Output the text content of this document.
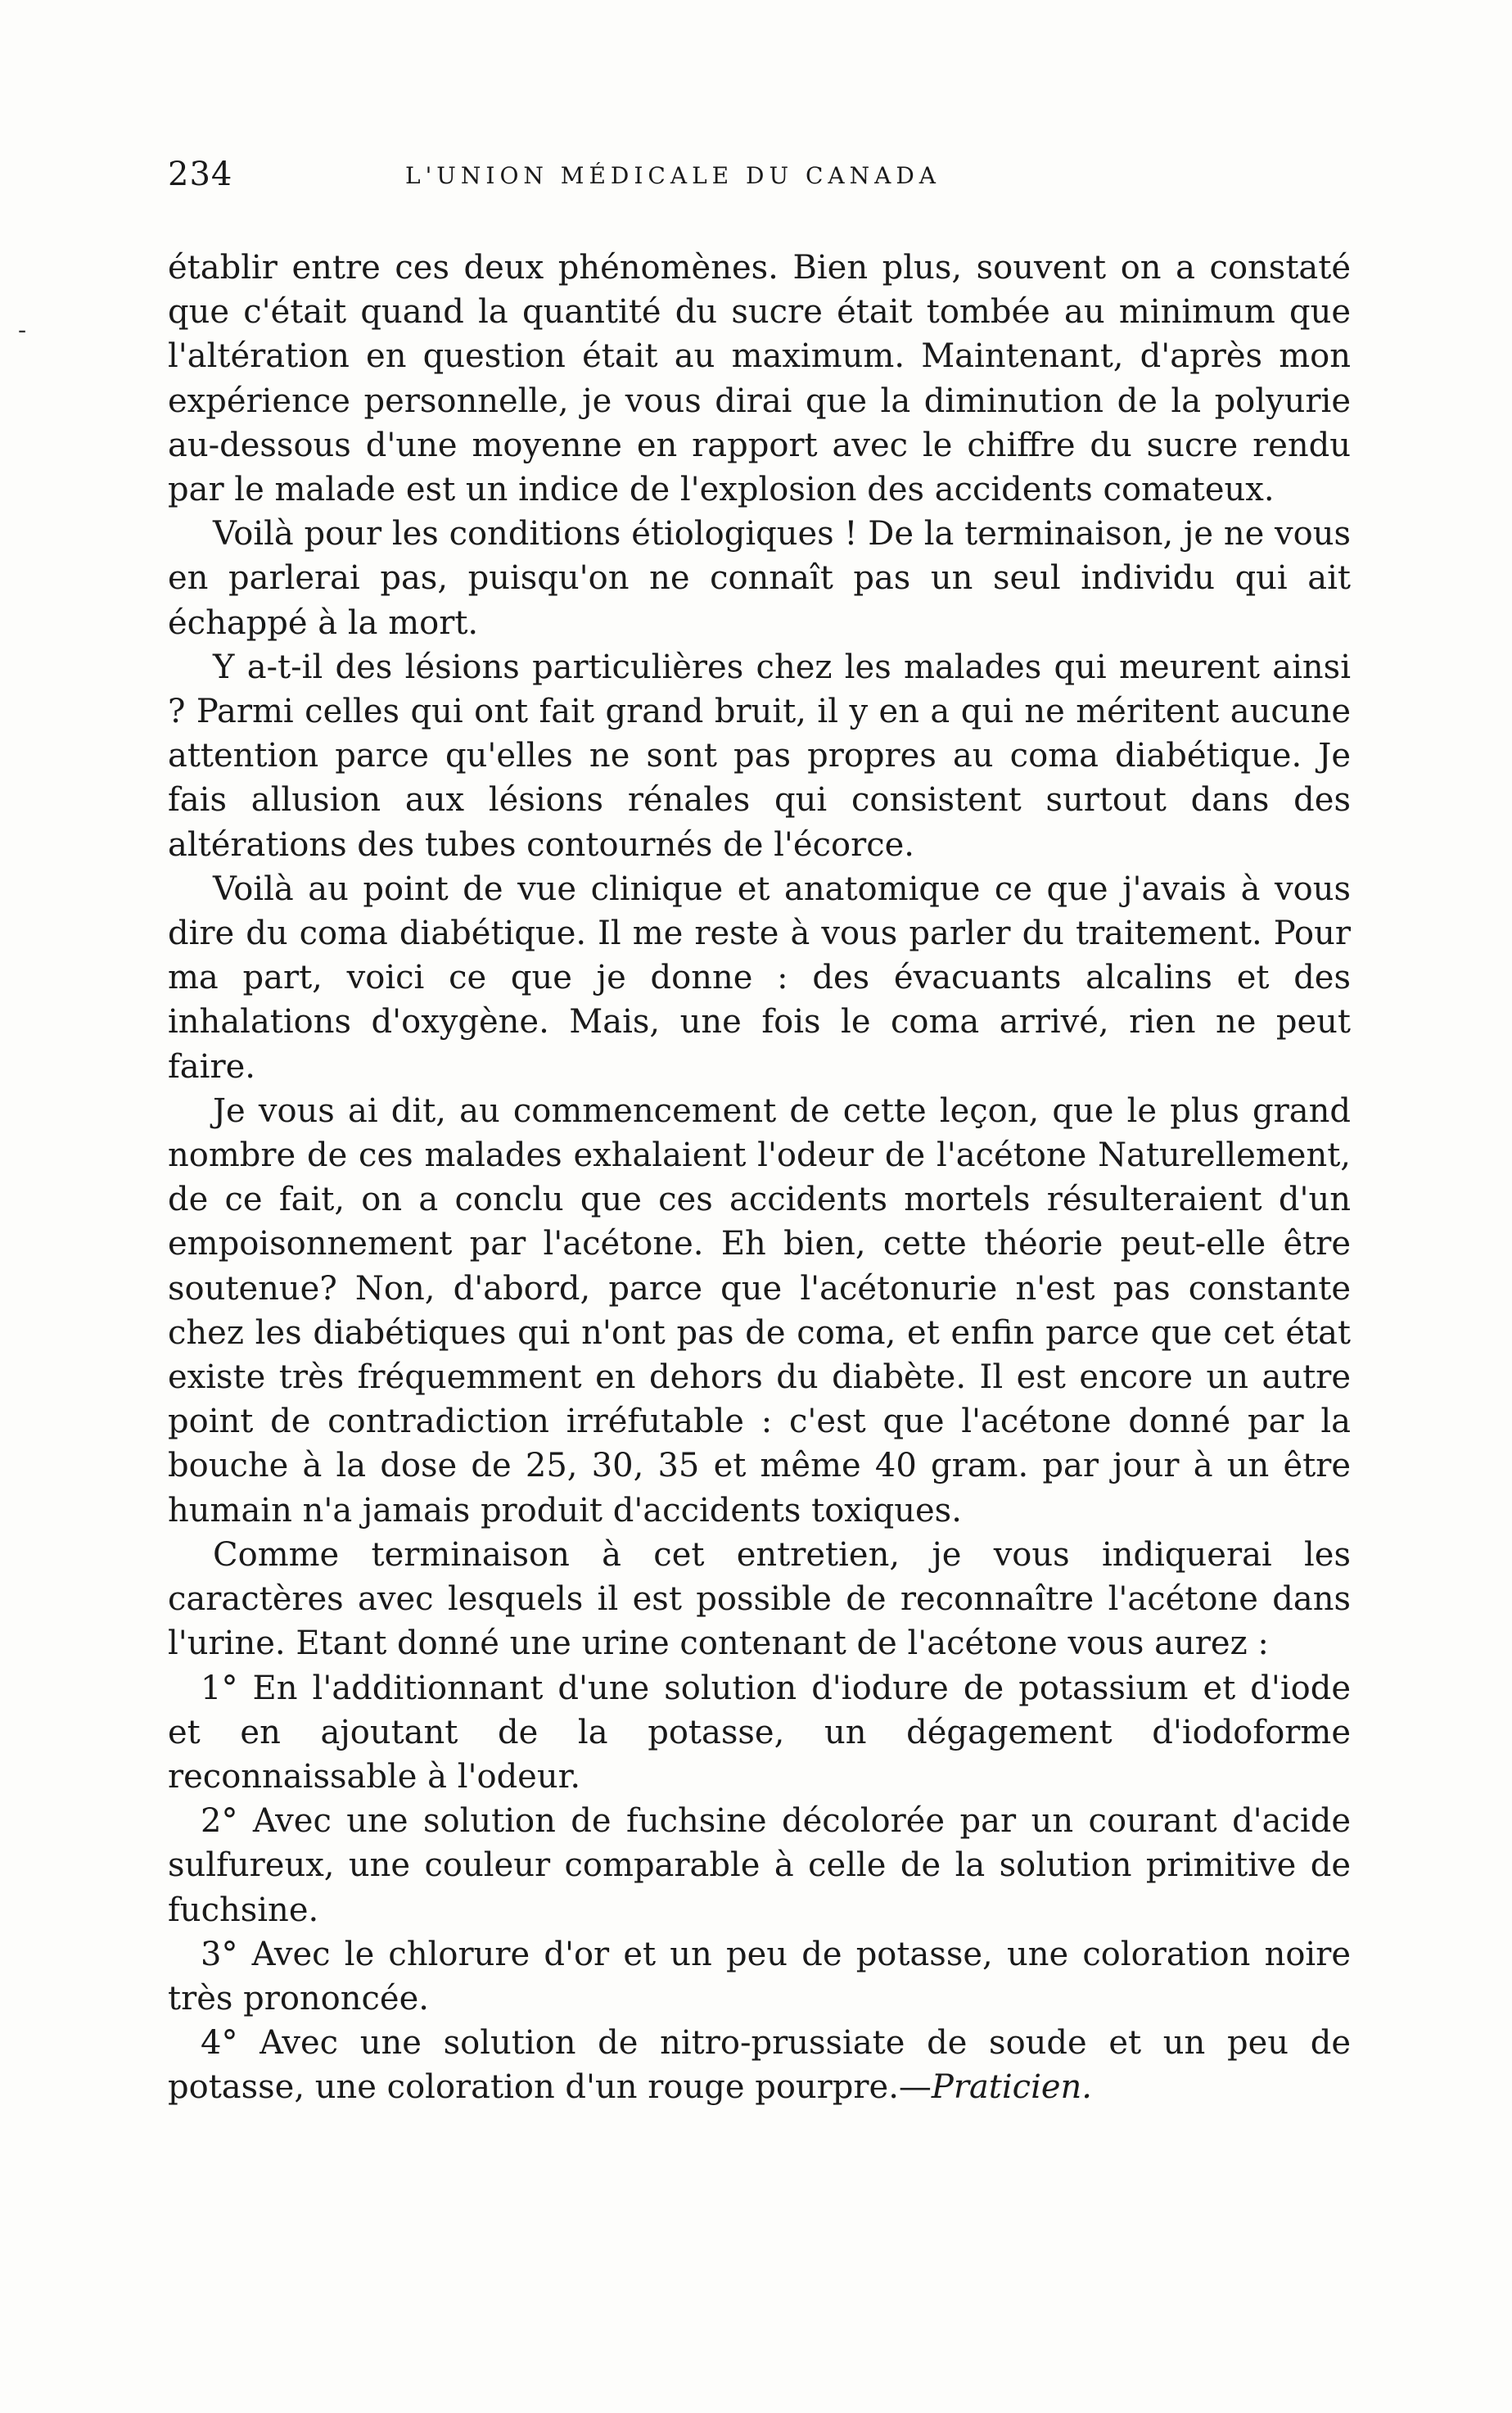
-
234	L'UNION MÉDICALE DU CANADA

établir entre ces deux phénomènes. Bien plus, souvent on a constaté que c'était quand la quantité du sucre était tombée au minimum que l'altération en question était au maximum. Maintenant, d'après mon expérience personnelle, je vous dirai que la diminution de la polyurie au-dessous d'une moyenne en rapport avec le chiffre du sucre rendu par le malade est un indice de l'explosion des accidents comateux.

Voilà pour les conditions étiologiques ! De la terminaison, je ne vous en parlerai pas, puisqu'on ne connaît pas un seul individu qui ait échappé à la mort.

Y a-t-il des lésions particulières chez les malades qui meurent ainsi ? Parmi celles qui ont fait grand bruit, il y en a qui ne méritent aucune attention parce qu'elles ne sont pas propres au coma diabétique. Je fais allusion aux lésions rénales qui consistent surtout dans des altérations des tubes contournés de l'écorce.

Voilà au point de vue clinique et anatomique ce que j'avais à vous dire du coma diabétique. Il me reste à vous parler du traitement. Pour ma part, voici ce que je donne : des évacuants alcalins et des inhalations d'oxygène. Mais, une fois le coma arrivé, rien ne peut faire.

Je vous ai dit, au commencement de cette leçon, que le plus grand nombre de ces malades exhalaient l'odeur de l'acétone Naturellement, de ce fait, on a conclu que ces accidents mortels résulteraient d'un empoisonnement par l'acétone. Eh bien, cette théorie peut-elle être soutenue? Non, d'abord, parce que l'acétonurie n'est pas constante chez les diabétiques qui n'ont pas de coma, et enfin parce que cet état existe très fréquemment en dehors du diabète. Il est encore un autre point de contradiction irréfutable : c'est que l'acétone donné par la bouche à la dose de 25, 30, 35 et même 40 gram. par jour à un être humain n'a jamais produit d'accidents toxiques.

Comme terminaison à cet entretien, je vous indiquerai les caractères avec lesquels il est possible de reconnaître l'acétone dans l'urine. Etant donné une urine contenant de l'acétone vous aurez :

1° En l'additionnant d'une solution d'iodure de potassium et d'iode et en ajoutant de la potasse, un dégagement d'iodoforme reconnaissable à l'odeur.

2° Avec une solution de fuchsine décolorée par un courant d'acide sulfureux, une couleur comparable à celle de la solution primitive de fuchsine.

3° Avec le chlorure d'or et un peu de potasse, une coloration noire très prononcée.

4° Avec une solution de nitro-prussiate de soude et un peu de potasse, une coloration d'un rouge pourpre.—Praticien.
